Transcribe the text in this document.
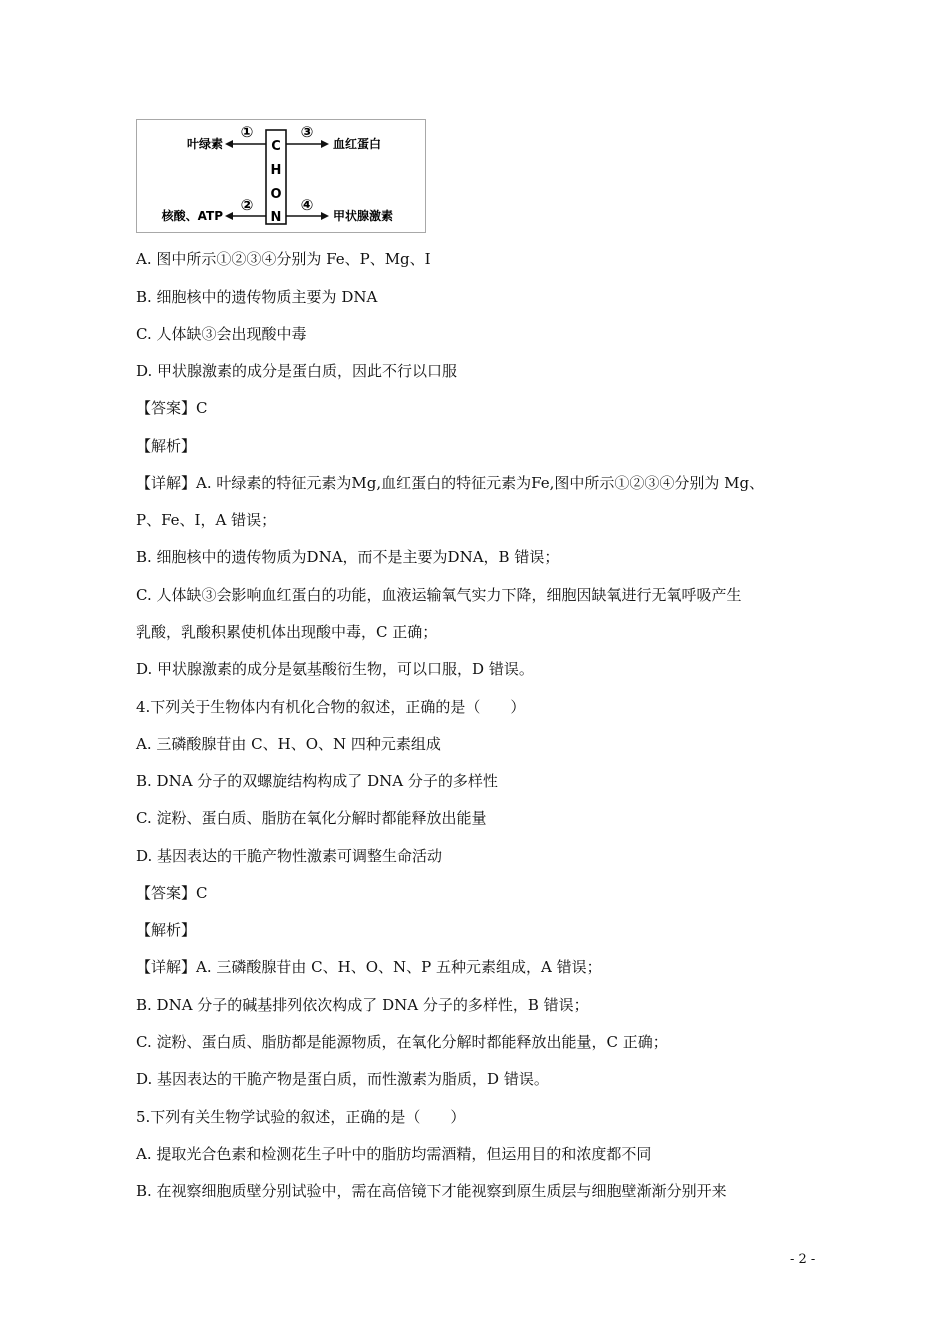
C
H
O
N
①
②
③
④
叶绿素
核酸、ATP
血红蛋白
甲状腺激素
A. 图中所示①②③④分别为 Fe、P、Mg、I
B. 细胞核中的遗传物质主要为 DNA
C. 人体缺③会出现酸中毒
D. 甲状腺激素的成分是蛋白质，因此不行以口服
【答案】C
【解析】
【详解】A. 叶绿素的特征元素为Mg,血红蛋白的特征元素为Fe,图中所示①②③④分别为 Mg、
P、Fe、I，A 错误；
B. 细胞核中的遗传物质为DNA，而不是主要为DNA，B 错误；
C. 人体缺③会影响血红蛋白的功能，血液运输氧气实力下降，细胞因缺氧进行无氧呼吸产生
乳酸，乳酸积累使机体出现酸中毒，C 正确；
D. 甲状腺激素的成分是氨基酸衍生物，可以口服，D 错误。
4.下列关于生物体内有机化合物的叙述，正确的是（　　）
A. 三磷酸腺苷由 C、H、O、N 四种元素组成
B. DNA 分子的双螺旋结构构成了 DNA 分子的多样性
C. 淀粉、蛋白质、脂肪在氧化分解时都能释放出能量
D. 基因表达的干脆产物性激素可调整生命活动
【答案】C
【解析】
【详解】A. 三磷酸腺苷由 C、H、O、N、P 五种元素组成，A 错误；
B. DNA 分子的碱基排列依次构成了 DNA 分子的多样性，B 错误；
C. 淀粉、蛋白质、脂肪都是能源物质，在氧化分解时都能释放出能量，C 正确；
D. 基因表达的干脆产物是蛋白质，而性激素为脂质，D 错误。
5.下列有关生物学试验的叙述，正确的是（　　）
A. 提取光合色素和检测花生子叶中的脂肪均需酒精，但运用目的和浓度都不同
B. 在视察细胞质壁分别试验中，需在高倍镜下才能视察到原生质层与细胞壁渐渐分别开来
- 2 -
